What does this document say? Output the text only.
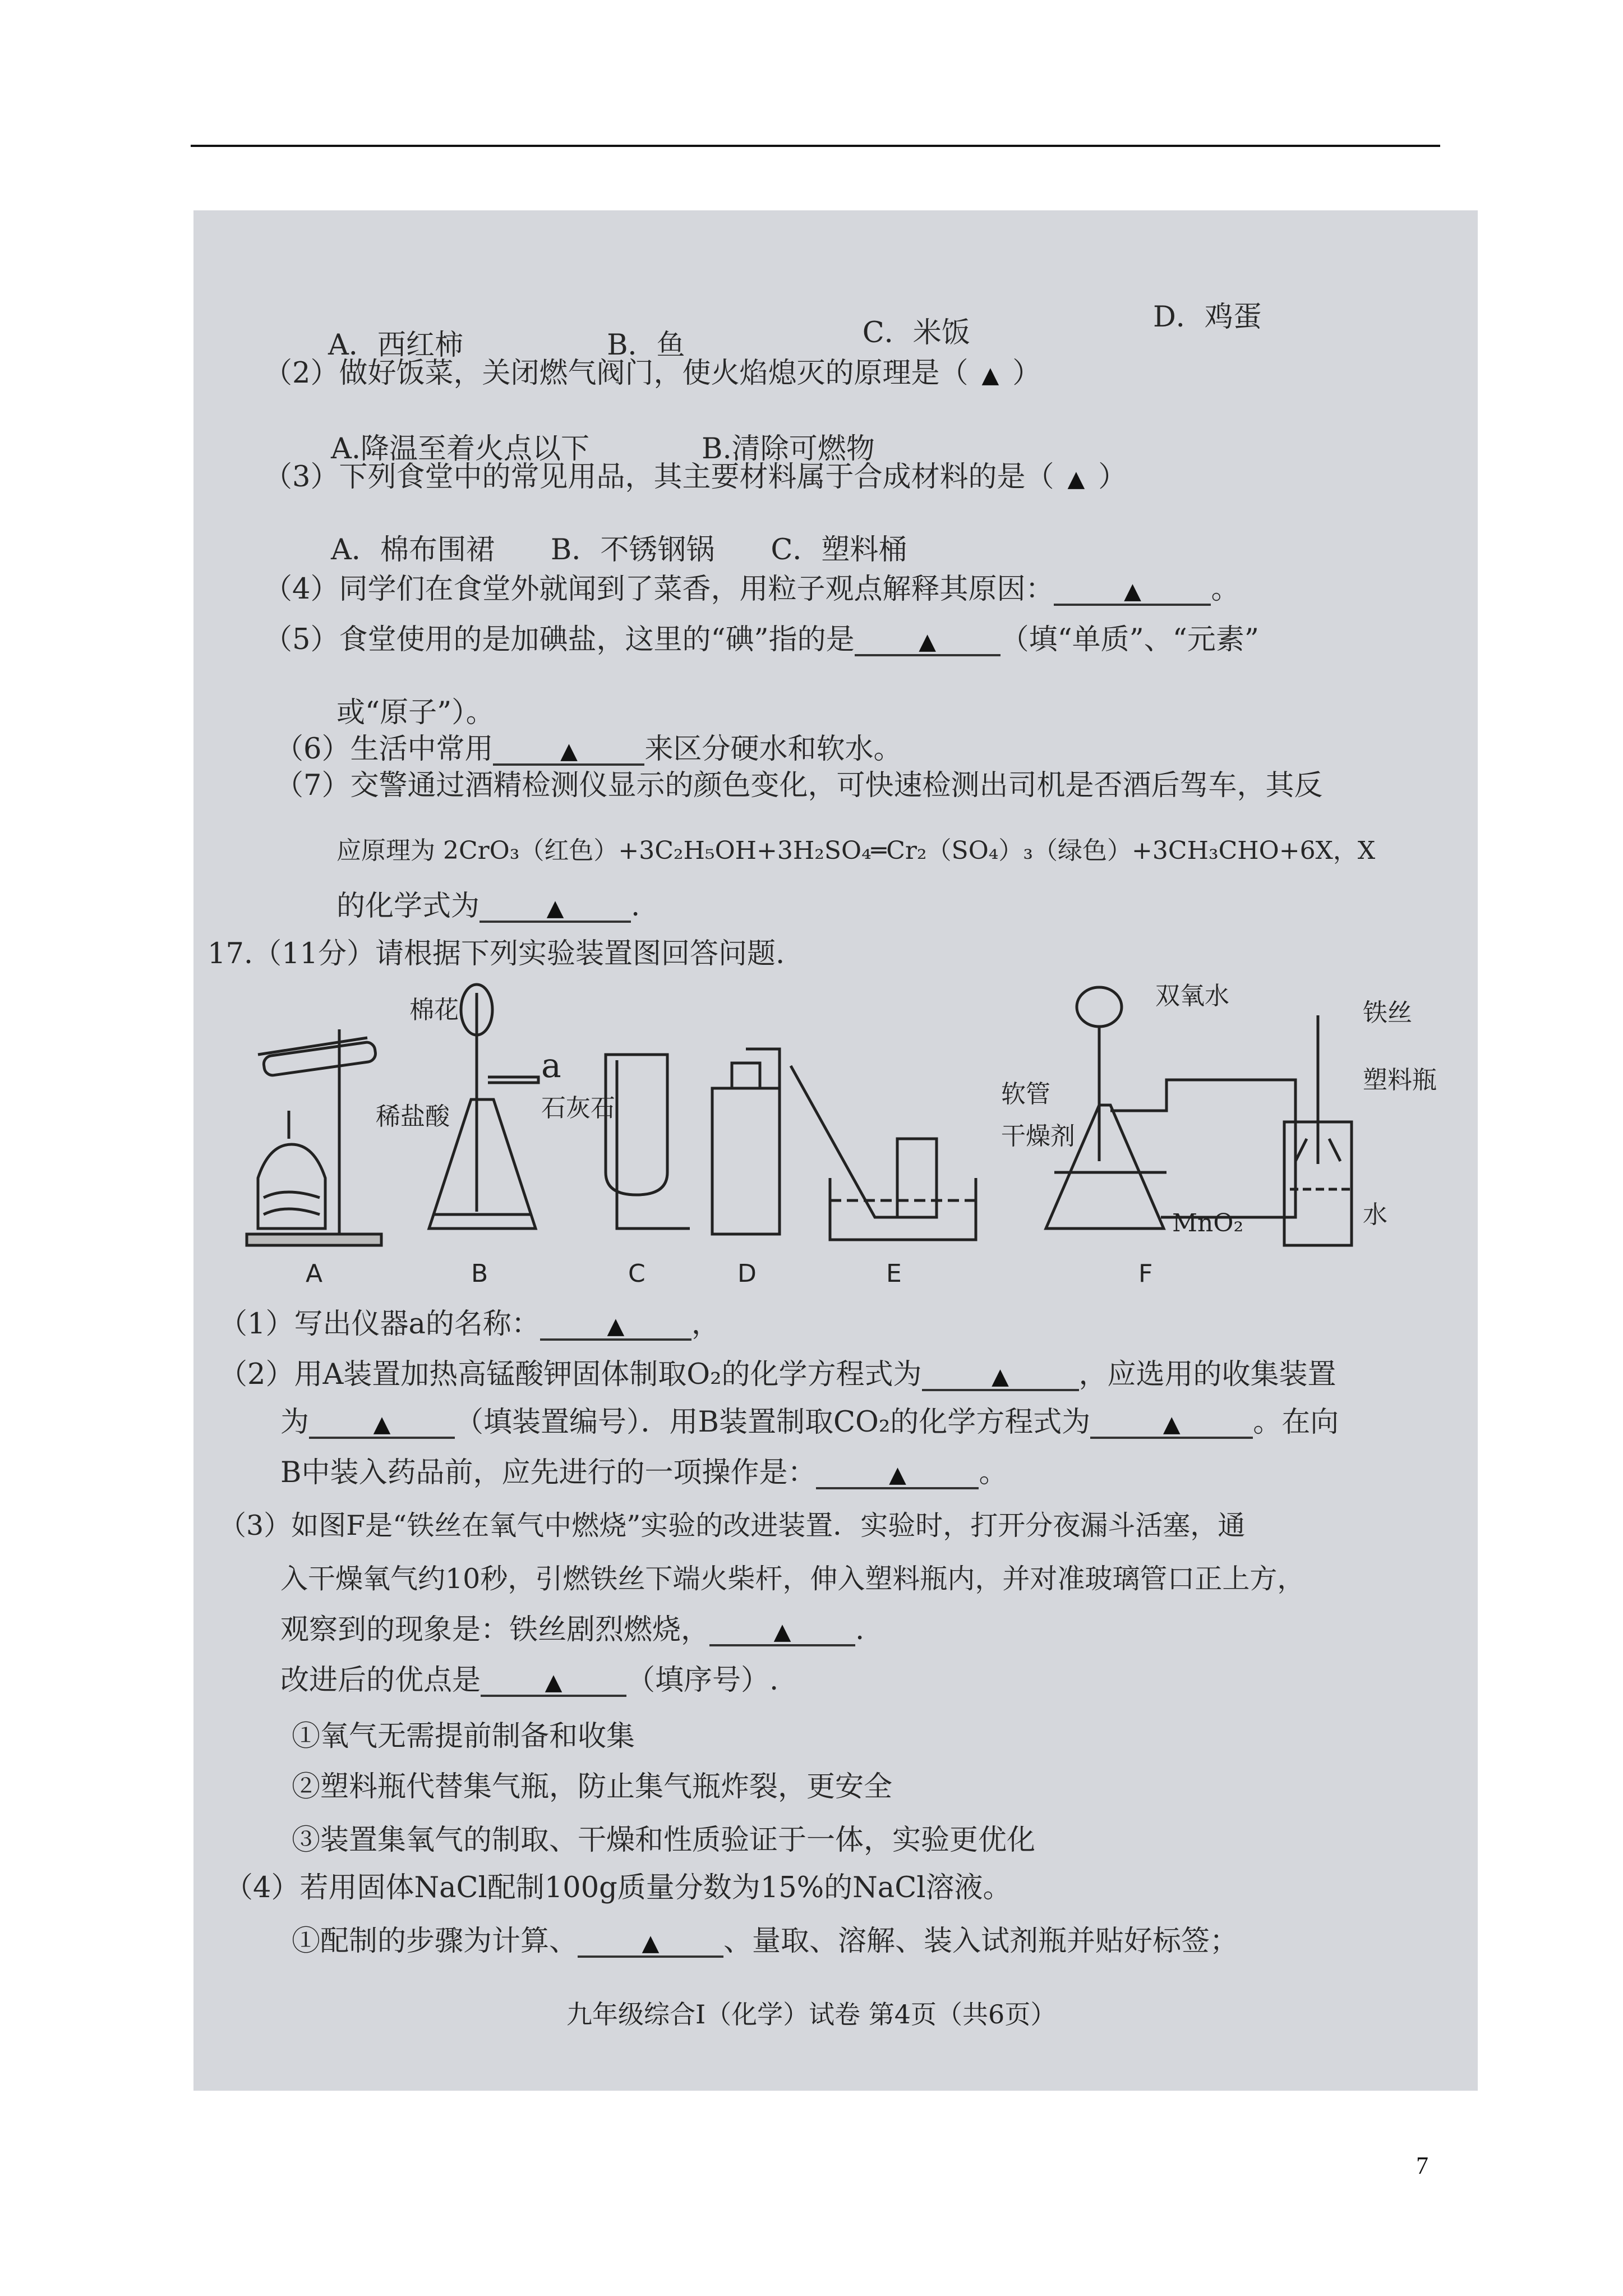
A．西红柿	B．鱼	C．米饭	D．鸡蛋
（2）做好饭菜，关闭燃气阀门，使火焰熄灭的原理是（ ▲ ）
A.降温至着火点以下	B.清除可燃物
（3）下列食堂中的常见用品，其主要材料属于合成材料的是（ ▲ ）
A．棉布围裙 B．不锈钢锅 C．塑料桶
（4）同学们在食堂外就闻到了菜香，用粒子观点解释其原因：	▲ 。
（5）食堂使用的是加碘盐，这里的“碘”指的是	▲ （填“单质”、“元素”
或“原子”）。
（6）生活中常用	▲ 来区分硬水和软水。
（7）交警通过酒精检测仪显示的颜色变化，可快速检测出司机是否酒后驾车，其反
应原理为 2CrO₃（红色）+3C₂H₅OH+3H₂SO₄═Cr₂（SO₄）₃（绿色）+3CH₃CHO+6X，X
的化学式为	▲ .
17.（11分）请根据下列实验装置图回答问题.
棉花
稀盐酸
a
石灰石
双氧水
软管
干燥剂
MnO₂
铁丝
塑料瓶
水
A	B	C	D	E	F
（1）写出仪器a的名称：	▲ ，
（2）用A装置加热高锰酸钾固体制取O₂的化学方程式为	▲ ，应选用的收集装置
为	▲ （填装置编号）．用B装置制取CO₂的化学方程式为	▲	。在向
B中装入药品前，应先进行的一项操作是：	▲	。
（3）如图F是“铁丝在氧气中燃烧”实验的改进装置．实验时，打开分夜漏斗活塞，通
入干燥氧气约10秒，引燃铁丝下端火柴杆，伸入塑料瓶内，并对准玻璃管口正上方，
观察到的现象是：铁丝剧烈燃烧，	▲ .
改进后的优点是	▲ （填序号）.
①氧气无需提前制备和收集
②塑料瓶代替集气瓶，防止集气瓶炸裂，更安全
③装置集氧气的制取、干燥和性质验证于一体，实验更优化
（4）若用固体NaCl配制100g质量分数为15%的NaCl溶液。
①配制的步骤为计算、	▲ 、量取、溶解、装入试剂瓶并贴好标签；
九年级综合Ⅰ（化学）试卷 第4页（共6页）
7
